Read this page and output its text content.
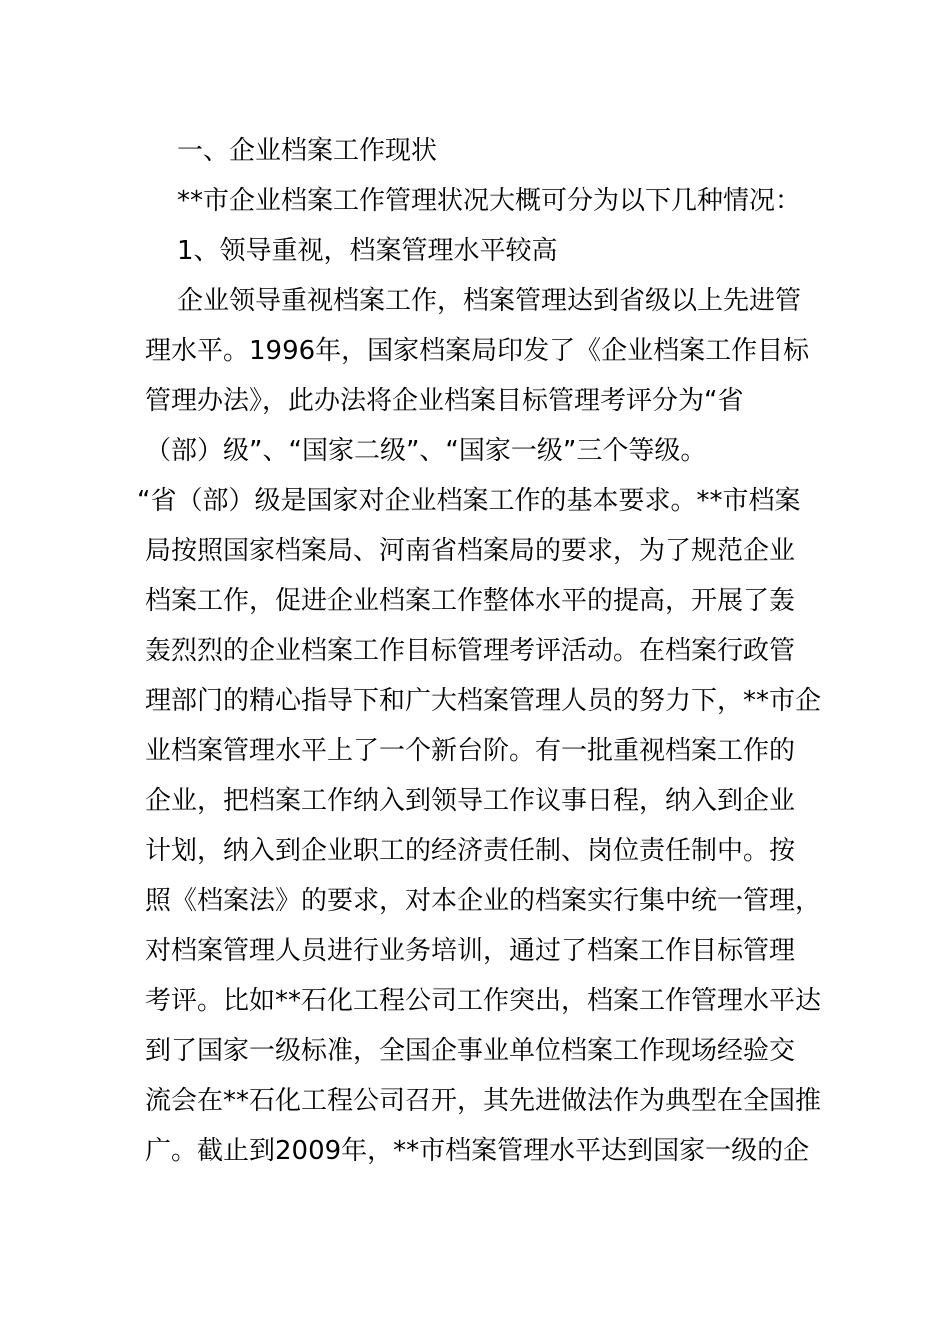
一、企业档案工作现状
**市企业档案工作管理状况大概可分为以下几种情况：
1、领导重视，档案管理水平较高
企业领导重视档案工作，档案管理达到省级以上先进管
理水平。1996年，国家档案局印发了《企业档案工作目标
管理办法》，此办法将企业档案目标管理考评分为“省
（部）级”、“国家二级”、“国家一级”三个等级。
“省（部）级是国家对企业档案工作的基本要求。**市档案
局按照国家档案局、河南省档案局的要求，为了规范企业
档案工作，促进企业档案工作整体水平的提高，开展了轰
轰烈烈的企业档案工作目标管理考评活动。在档案行政管
理部门的精心指导下和广大档案管理人员的努力下，**市企
业档案管理水平上了一个新台阶。有一批重视档案工作的
企业，把档案工作纳入到领导工作议事日程，纳入到企业
计划，纳入到企业职工的经济责任制、岗位责任制中。按
照《档案法》的要求，对本企业的档案实行集中统一管理，
对档案管理人员进行业务培训，通过了档案工作目标管理
考评。比如**石化工程公司工作突出，档案工作管理水平达
到了国家一级标准，全国企事业单位档案工作现场经验交
流会在**石化工程公司召开，其先进做法作为典型在全国推
广。截止到2009年，**市档案管理水平达到国家一级的企
